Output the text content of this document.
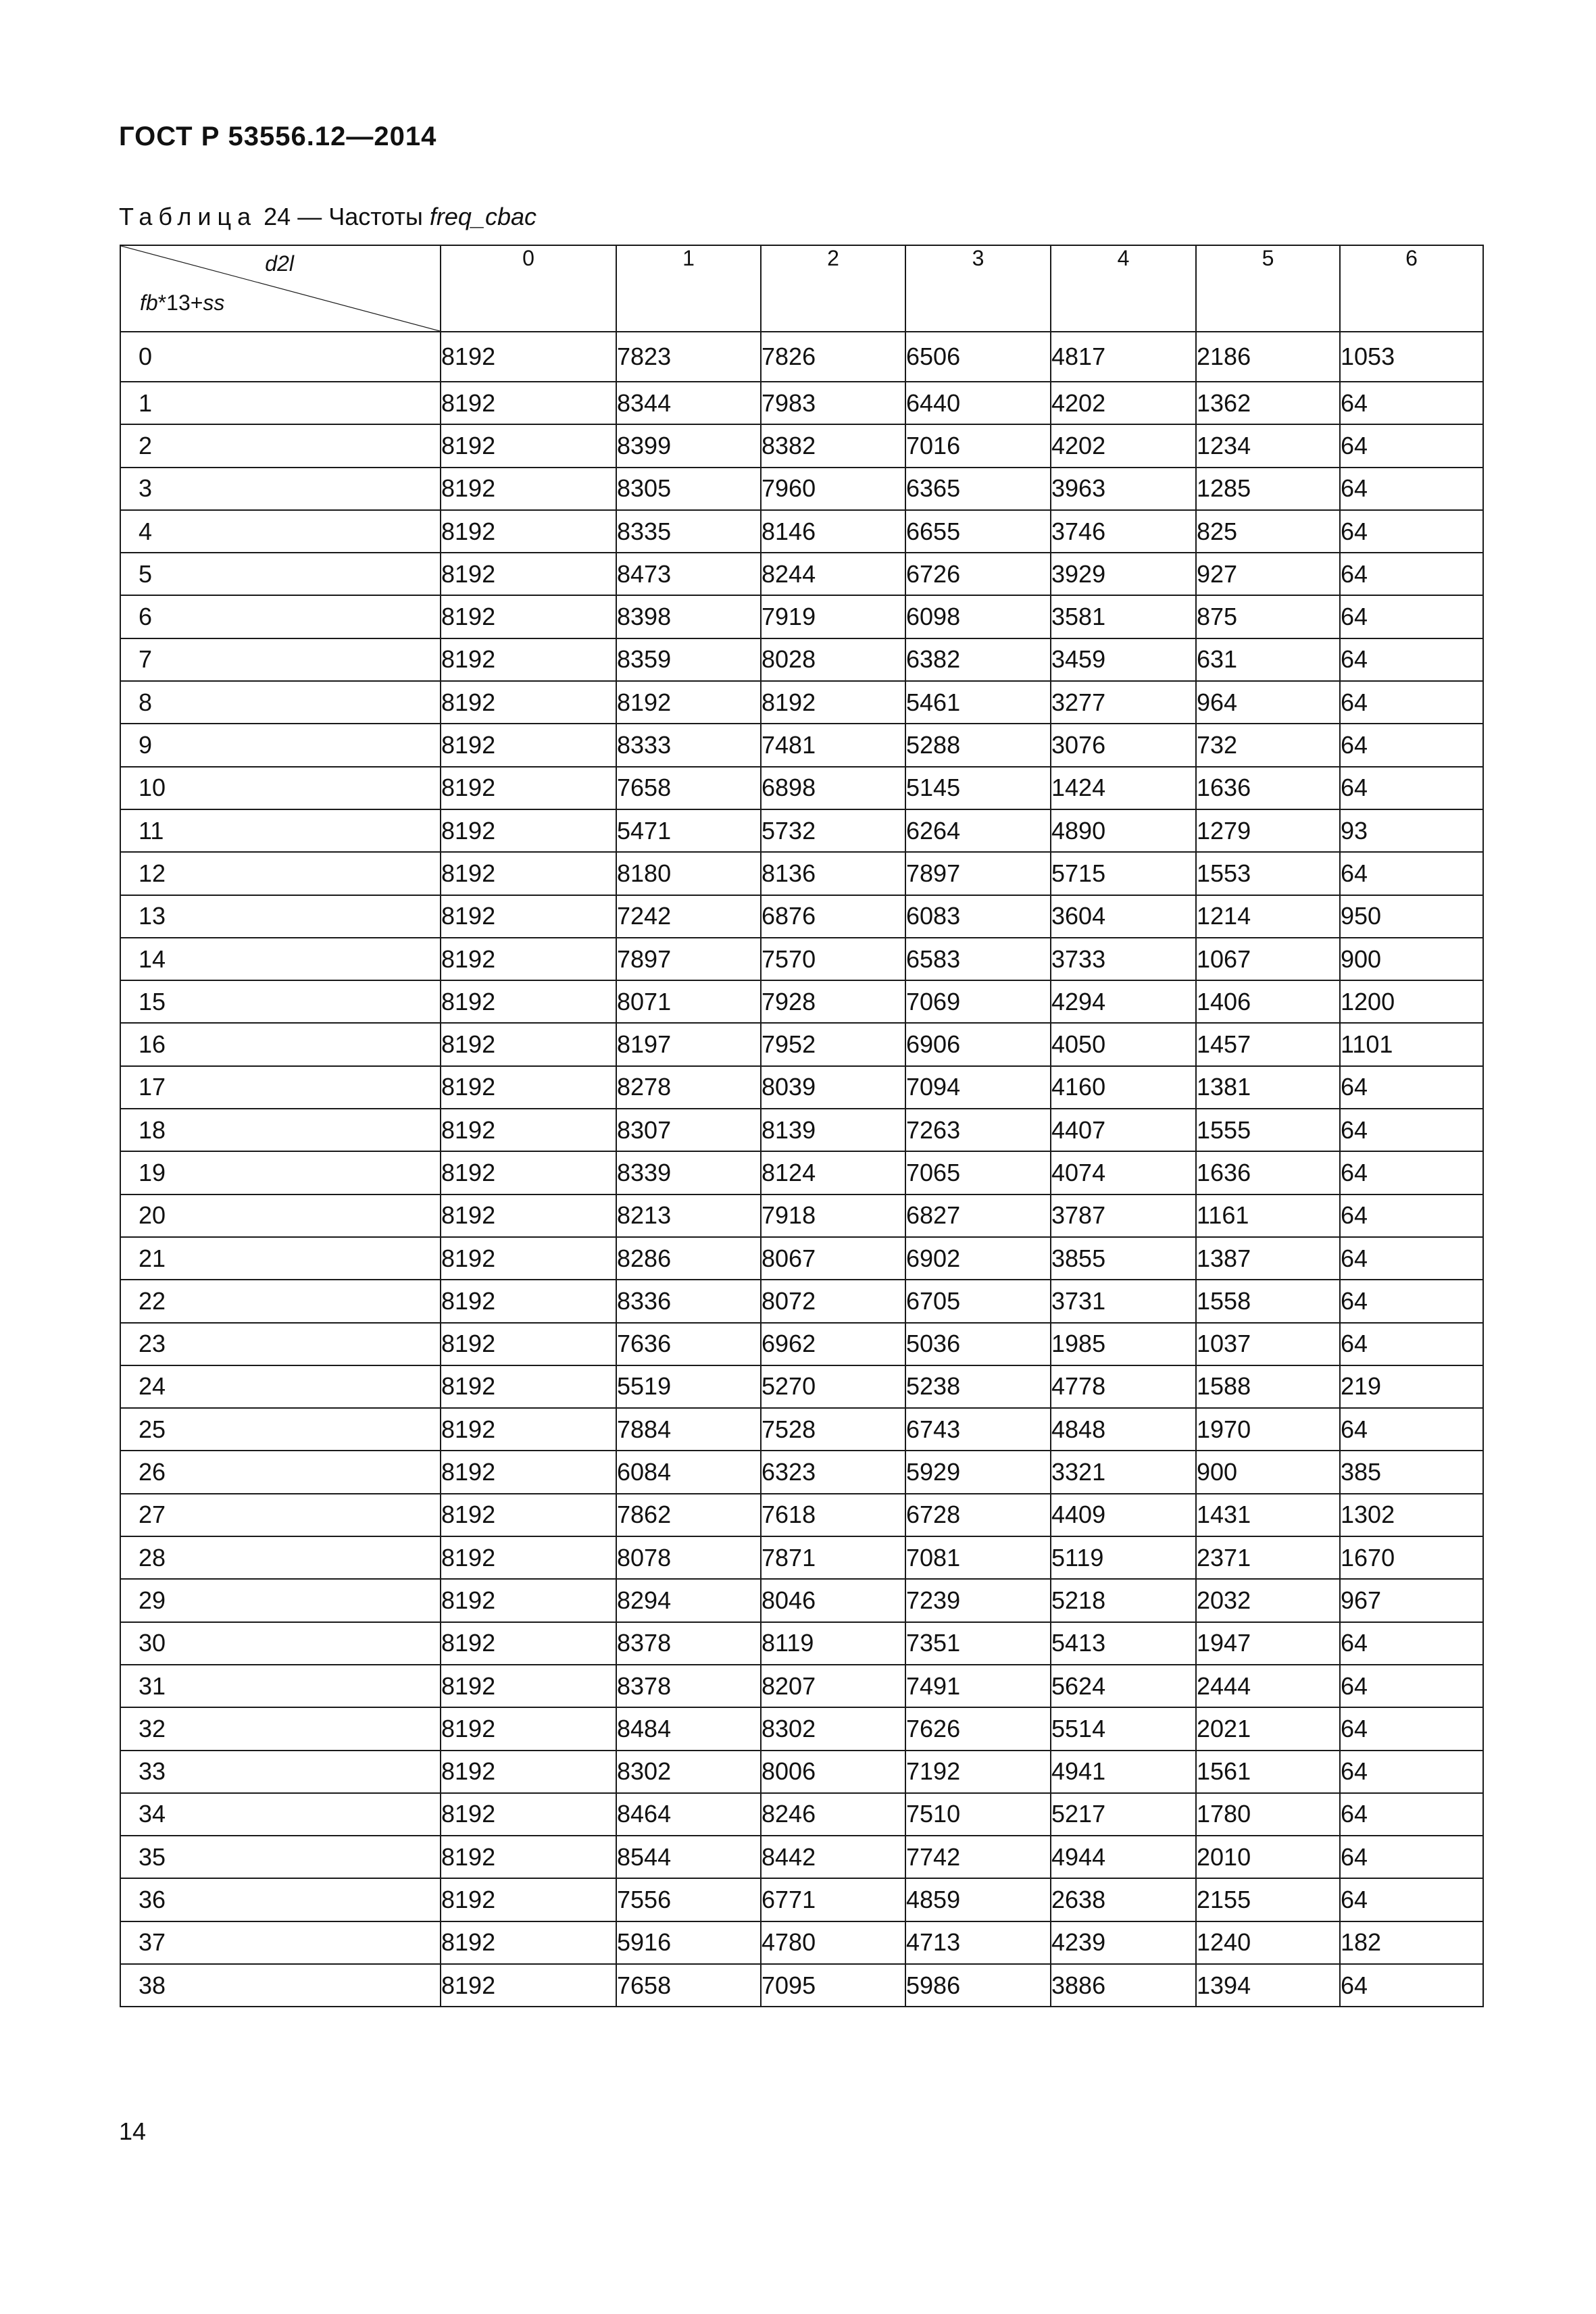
ГОСТ Р 53556.12—2014
Таблица 24 — Частоты freq_cbac
d2l
fb*13+ss	0	1	2	3	4	5	6
0	8192	7823	7826	6506	4817	2186	1053
1	8192	8344	7983	6440	4202	1362	64
2	8192	8399	8382	7016	4202	1234	64
3	8192	8305	7960	6365	3963	1285	64
4	8192	8335	8146	6655	3746	825	64
5	8192	8473	8244	6726	3929	927	64
6	8192	8398	7919	6098	3581	875	64
7	8192	8359	8028	6382	3459	631	64
8	8192	8192	8192	5461	3277	964	64
9	8192	8333	7481	5288	3076	732	64
10	8192	7658	6898	5145	1424	1636	64
11	8192	5471	5732	6264	4890	1279	93
12	8192	8180	8136	7897	5715	1553	64
13	8192	7242	6876	6083	3604	1214	950
14	8192	7897	7570	6583	3733	1067	900
15	8192	8071	7928	7069	4294	1406	1200
16	8192	8197	7952	6906	4050	1457	1101
17	8192	8278	8039	7094	4160	1381	64
18	8192	8307	8139	7263	4407	1555	64
19	8192	8339	8124	7065	4074	1636	64
20	8192	8213	7918	6827	3787	1161	64
21	8192	8286	8067	6902	3855	1387	64
22	8192	8336	8072	6705	3731	1558	64
23	8192	7636	6962	5036	1985	1037	64
24	8192	5519	5270	5238	4778	1588	219
25	8192	7884	7528	6743	4848	1970	64
26	8192	6084	6323	5929	3321	900	385
27	8192	7862	7618	6728	4409	1431	1302
28	8192	8078	7871	7081	5119	2371	1670
29	8192	8294	8046	7239	5218	2032	967
30	8192	8378	8119	7351	5413	1947	64
31	8192	8378	8207	7491	5624	2444	64
32	8192	8484	8302	7626	5514	2021	64
33	8192	8302	8006	7192	4941	1561	64
34	8192	8464	8246	7510	5217	1780	64
35	8192	8544	8442	7742	4944	2010	64
36	8192	7556	6771	4859	2638	2155	64
37	8192	5916	4780	4713	4239	1240	182
38	8192	7658	7095	5986	3886	1394	64
14
